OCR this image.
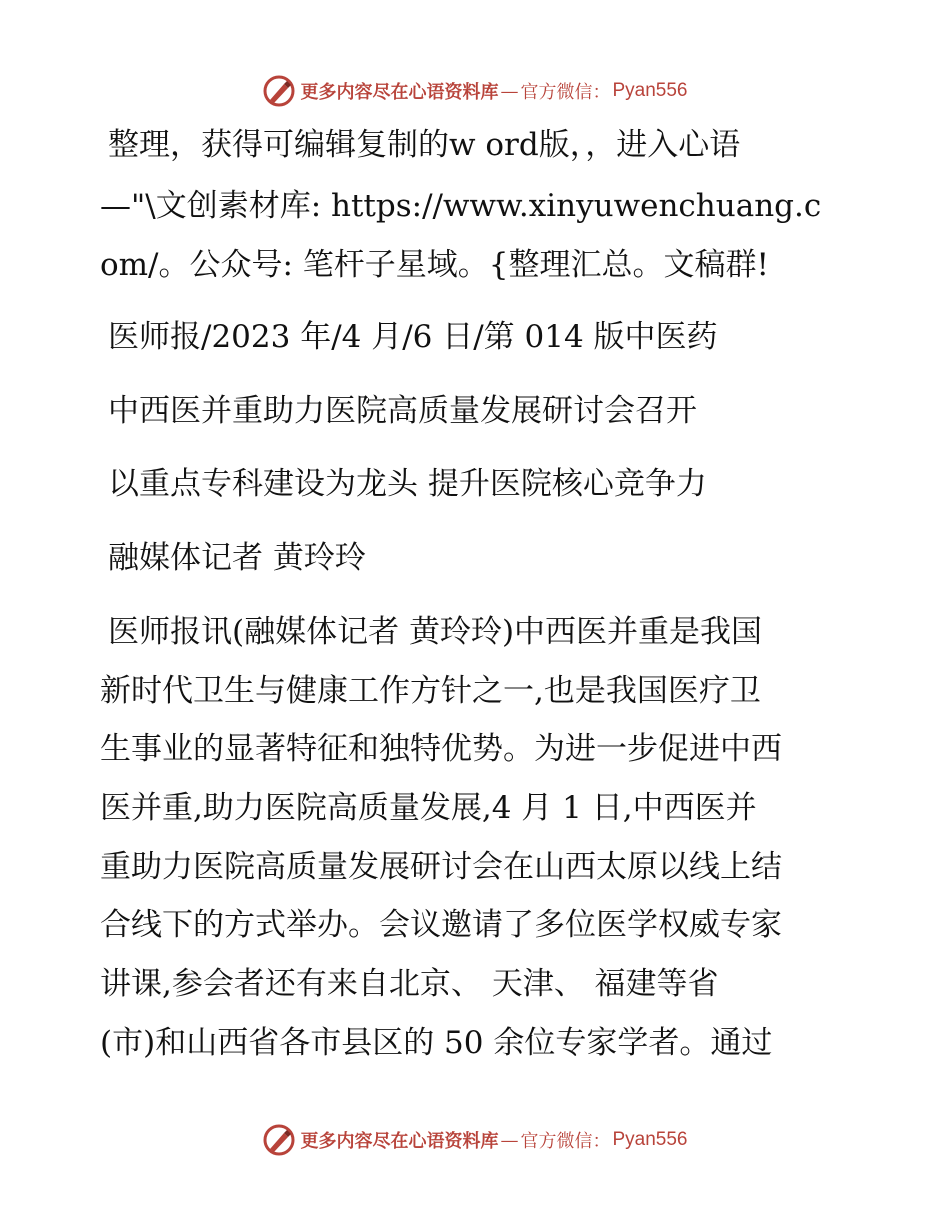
更多内容尽在心语资料库 — 官方微信： Pyan556
整理，获得可编辑复制的w ord版，，进入心语
—"\文创素材库: https://www.xinyuwenchuang.c
om/。公众号: 笔杆子星域。{整理汇总。文稿群!
医师报/2023 年/4 月/6 日/第 014 版中医药
中西医并重助力医院高质量发展研讨会召开
以重点专科建设为龙头 提升医院核心竞争力
融媒体记者 黄玲玲
医师报讯(融媒体记者 黄玲玲)中西医并重是我国
新时代卫生与健康工作方针之一,也是我国医疗卫
生事业的显著特征和独特优势。为进一步促进中西
医并重,助力医院高质量发展,4 月 1 日,中西医并
重助力医院高质量发展研讨会在山西太原以线上结
合线下的方式举办。会议邀请了多位医学权威专家
讲课,参会者还有来自北京、 天津、 福建等省
(市)和山西省各市县区的 50 余位专家学者。通过
更多内容尽在心语资料库 — 官方微信： Pyan556
